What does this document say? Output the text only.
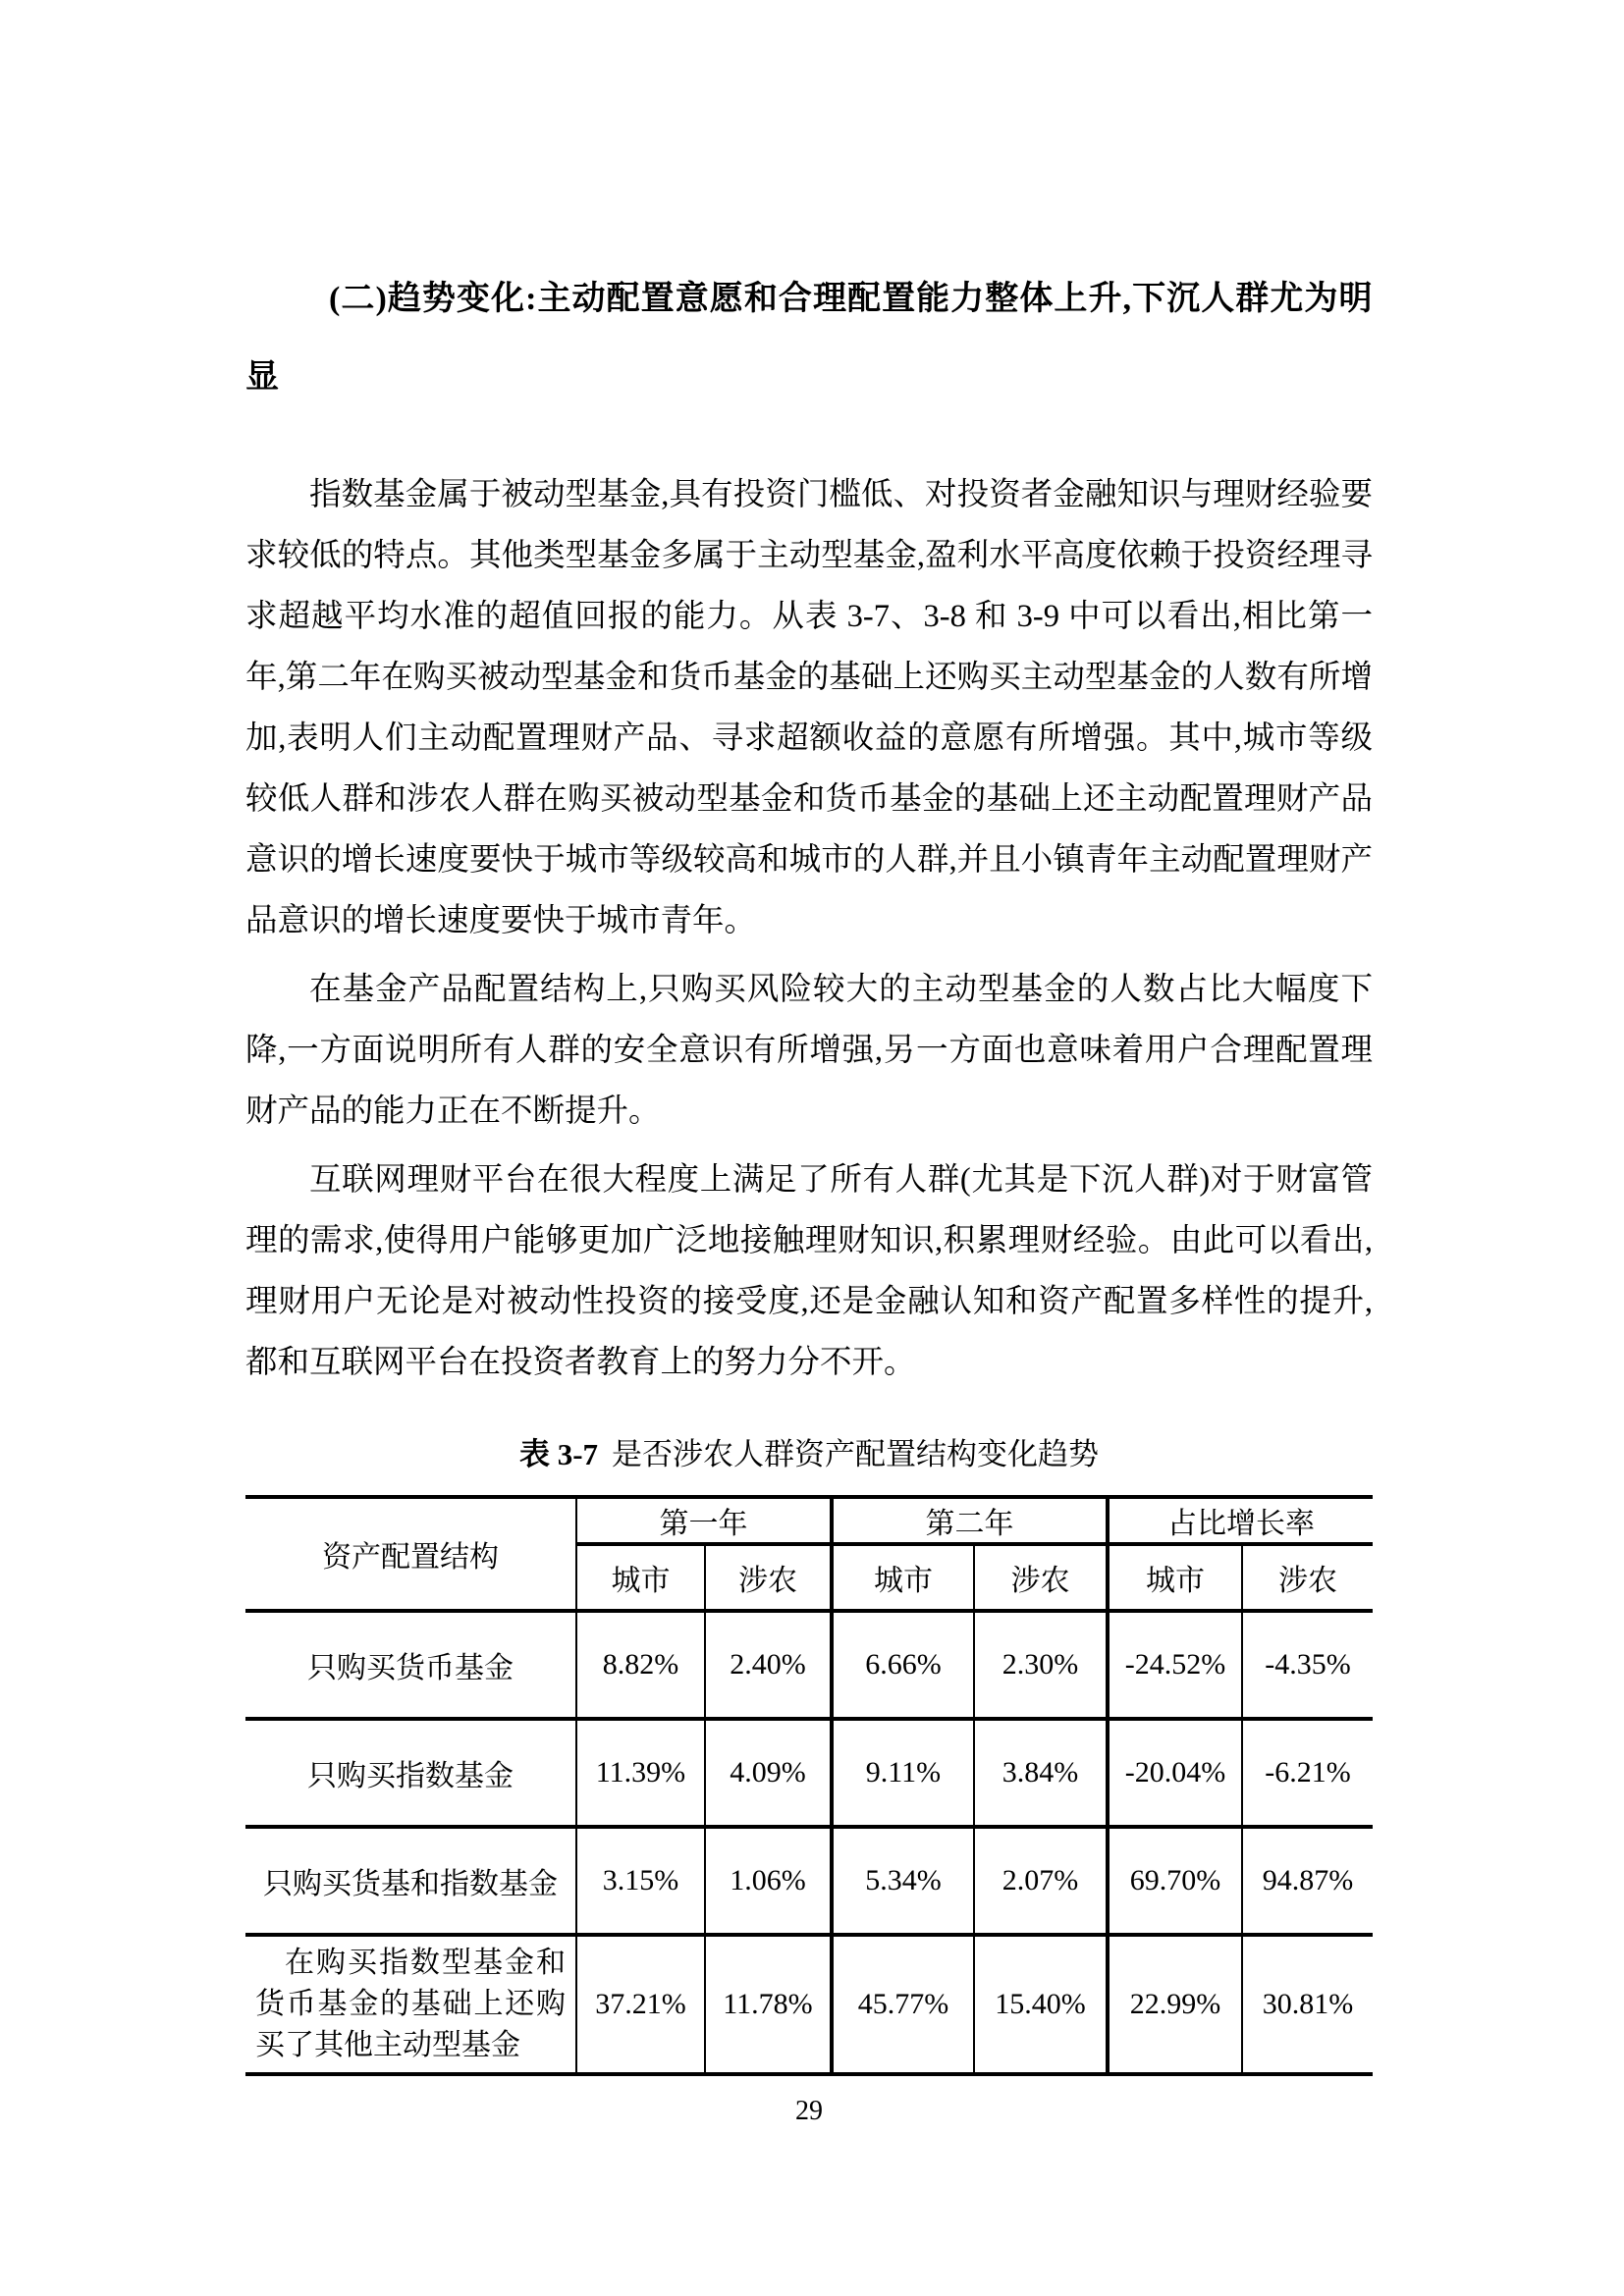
(二)趋势变化:主动配置意愿和合理配置能力整体上升,下沉人群尤为明显

指数基金属于被动型基金,具有投资门槛低、对投资者金融知识与理财经验要求较低的特点。其他类型基金多属于主动型基金,盈利水平高度依赖于投资经理寻求超越平均水准的超值回报的能力。从表 3-7、3-8 和 3-9 中可以看出,相比第一年,第二年在购买被动型基金和货币基金的基础上还购买主动型基金的人数有所增加,表明人们主动配置理财产品、寻求超额收益的意愿有所增强。其中,城市等级较低人群和涉农人群在购买被动型基金和货币基金的基础上还主动配置理财产品意识的增长速度要快于城市等级较高和城市的人群,并且小镇青年主动配置理财产品意识的增长速度要快于城市青年。

在基金产品配置结构上,只购买风险较大的主动型基金的人数占比大幅度下降,一方面说明所有人群的安全意识有所增强,另一方面也意味着用户合理配置理财产品的能力正在不断提升。

互联网理财平台在很大程度上满足了所有人群(尤其是下沉人群)对于财富管理的需求,使得用户能够更加广泛地接触理财知识,积累理财经验。由此可以看出,理财用户无论是对被动性投资的接受度,还是金融认知和资产配置多样性的提升,都和互联网平台在投资者教育上的努力分不开。

表 3-7 是否涉农人群资产配置结构变化趋势
资产配置结构	第一年		第二年		占比增长率	
	城市	涉农	城市	涉农	城市	涉农
只购买货币基金	8.82%	2.40%	6.66%	2.30%	-24.52%	-4.35%
只购买指数基金	11.39%	4.09%	9.11%	3.84%	-20.04%	-6.21%
只购买货基和指数基金	3.15%	1.06%	5.34%	2.07%	69.70%	94.87%

在购买指数型基金和货币基金的基础上还购买了其他主动型基金	37.21%	11.78%	45.77%	15.40%	22.99%	30.81%
29
